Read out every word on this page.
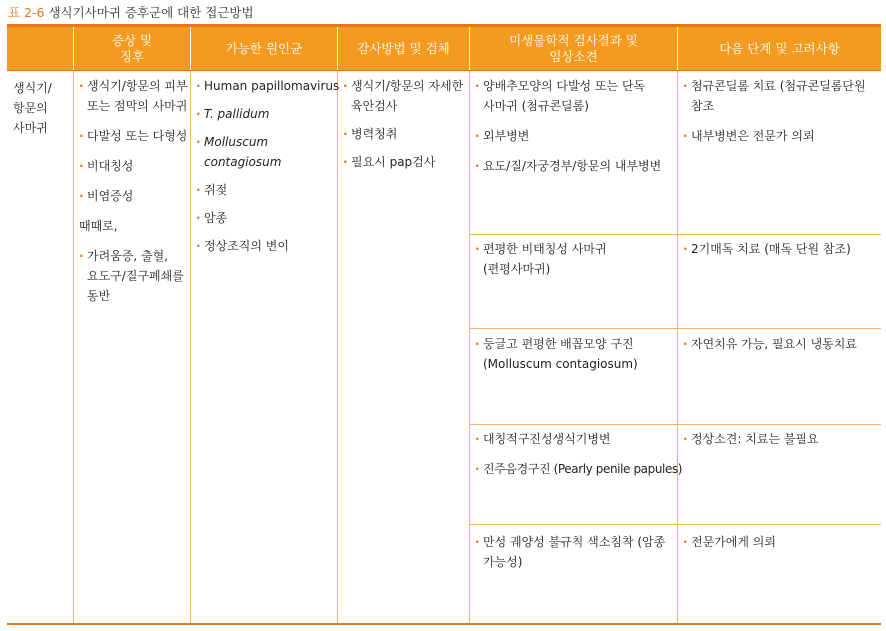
표 2-6 생식기사마귀 증후군에 대한 접근방법
증상 및
징후
가능한 원인균	감사방법 및 검체
미생물학적 검사결과 및
임상소견
다음 단계 및 고려사항
생식기/
항문의
사마귀
· 생식기/항문의 피부
또는 점막의 사마귀
· 다발성 또는 다형성
· 비대칭성
· 비염증성
때때로,
· 가려움증, 출혈,
요도구/질구폐쇄를
동반
· Human papillomavirus
· T. pallidum
· Molluscum contagiosum
· 쥐젖
· 암종
· 정상조직의 변이
· 생식기/항문의 자세한
육안검사
· 병력청취
· 필요시 pap검사
· 양배추모양의 다발성 또는 단독
사마귀 (첨규콘딜롬)
· 외부병변
· 요도/질/자궁경부/항문의 내부병변
· 첨규콘딜롬 치료 (첨규콘딜롬단원
참조
· 내부병변은 전문가 의뢰
· 편평한 비태칭성 사마귀
(편평사마귀)
· 2기매독 치료 (매독 단원 참조)
· 둥글고 편평한 배꼽모양 구진
(Molluscum contagiosum)
· 자연치유 가능, 필요시 냉동치료
· 대칭적구진성생식기병변
· 진주음경구진 (Pearly penile papules)
· 정상소견: 치료는 불필요
· 만성 궤양성 불규칙 색소침착 (암종
가능성)
· 전문가에게 의뢰
